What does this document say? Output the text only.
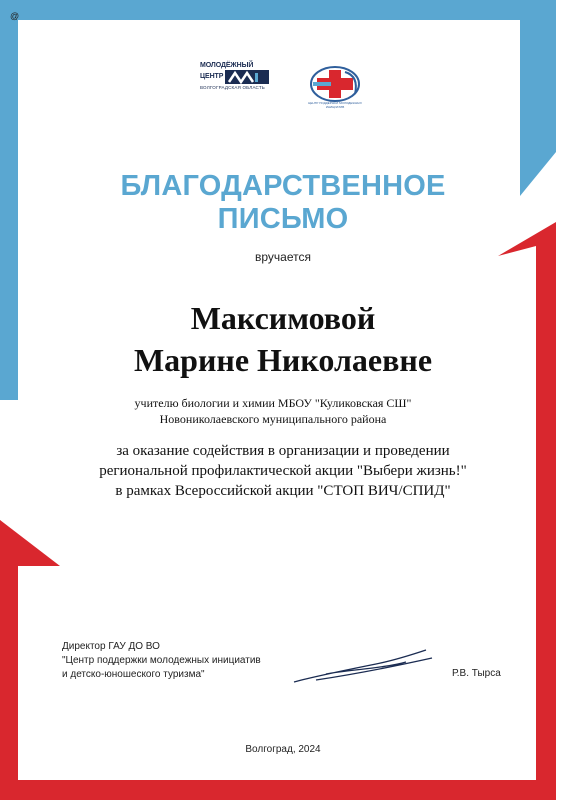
@
МОЛОДЁЖНЫЙ
ЦЕНТР
ВОЛГОГРАДСКАЯ ОБЛАСТЬ
ЦЕНТР ПОДДЕРЖКИ МОЛОДЕЖНЫХ ИНИЦИАТИВ
БЛАГОДАРСТВЕННОЕ
ПИСЬМО
вручается
Максимовой
Марине Николаевне
учителю биологии и химии МБОУ "Куликовская СШ"
Новониколаевского муниципального района
за оказание содействия в организации и проведении
региональной профилактической акции "Выбери жизнь!"
в рамках Всероссийской акции "СТОП ВИЧ/СПИД"
Директор ГАУ ДО ВО
"Центр поддержки молодежных инициатив
и детско-юношеского туризма"	Р.В. Тырса
Волгоград, 2024
